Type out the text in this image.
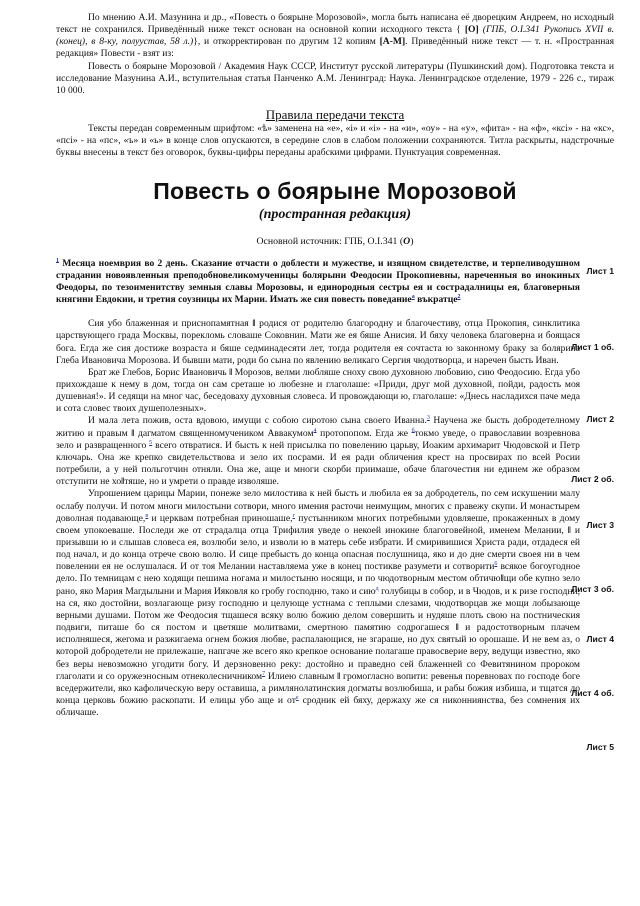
По мнению А.И. Мазунина и др., «Повесть о боярыне Морозовой», могла быть написана её дворецким Андреем, но исходный текст не сохранился. Приведённый ниже текст основан на основной копии исходного текста { [О] (ГПБ, О.I.341 Рукопись XVII в. (конец), в 8-ку, полуустав, 58 л.)}, и откорректирован по другим 12 копиям [А-М]. Приведённый ниже текст — т. н. «Пространная редакция» Повести - взят из:

Повесть о боярыне Морозовой / Академия Наук СССР, Институт русской литературы (Пушкинский дом). Подготовка текста и исследование Мазунина А.И., вступительная статья Панченко А.М. Ленинград: Наука. Ленинградское отделение, 1979 - 226 с., тираж 10 000.

Правила передачи текста

Тексты передан современным шрифтом: «ѣ» заменена на «е», «і» и «і» - на «и», «оу» - на «у», «фита» - на «ф», «ксі» - на «кс», «псі» - на «пс», «ъ» и «ь» в конце слов опускаются, в середине слов в слабом положении сохраняются. Титла раскрыты, надстрочные буквы внесены в текст без оговорок, буквы-цифры переданы арабскими цифрами. Пунктуация современная.

Повесть о боярыне Морозовой

(пространная редакция)

Основной источник: ГПБ, О.I.341 (О)

Лист 1
Лист 1 об.
Лист 2
Лист 2 об.
Лист 3
Лист 3 об.
Лист 4
Лист 4 об.
Лист 5

$^1$ Месяца ноемврия во 2 день. Сказание отчасти о доблести и мужестве, и изящном свидетелстве, и терпеливодушном страдании новоявленныя преподобновеликомученицы болярыни Феодосии Прокопиевны, нареченныя во инокиных Феодоры, по тезоименитству земныя славы Морозовы, и единородныя сестры ея и сострадалницы ея, благоверныя княгини Евдокии, и третия соузницы их Марии. Имать же сия повесть поведание$^а$ въкратце$^2$

Сия убо блаженная и приснопамятная ‖ родися от родителю благородну и благочестиву, отца Прокопия, синклитика царствующего града Москвы, порекломь словаше Соковнин. Мати же ея бяше Анисия. И бяху человека благоверна и боящася бога. Егда же сия достиже возраста и бяше седминадесяти лет, тогда родителя ея сочтаста ю законному браку за болярина Глеба Ивановича Морозова. И бывши мати, роди бо сына по явлению великаго Сергия чюдотворца, и наречен бысть Иван.

Брат же Глебов, Борис Ивановичь ‖ Морозов, велми любляше сноху свою духовною любовию, сию Феодосию. Егда убо прихождаше к нему в дом, тогда он сам среташе ю любезне и глаголаше: «Приди, друг мой духовной, пойди, радость моя душевная!». И седящи на мног час, беседоваху духовныя словеса. И провождающи ю, глаголаше: «Днесь насладихся паче меда и сота словес твоих душеполезных».

И мала лета пожив, оста вдовою, имущи с собою сиротою сына своего Иванна.$^3$ Научена же бысть добродетелному житию и правым ‖ дагматом священномучеником Аввакумом$^4$ протопопом. Егда же $^б$токмо уведе, о православии возревнова зело и развращенного $^5$ всего отвратися. И бысть к ней присылка по повелению царьву, Иоаким архимарит Чюдовской и Петр ключарь. Она же крепко свидетельствова и зело их посрами. И ея ради обличения крест на просвирах по всей Росии потребили, а у ней польготчин отняли. Она же, аще и многи скорби приимаше, обаче благочестия ни единем же образом отступити не хо‖тяше, но и умрети о правде изволяше.

Упрошением царицы Марии, понеже зело милостива к ней бысть и любила ея за добродетель, по сем искушении малу ослабу получи. И потом многи милостыни сотвори, много имения расточи неимущим, многих с правежу скупи. И монастырем доволная подавающе,$^в$ и церквам потребная приношаше,$^г$ пустынником многих потребными удовляеше, прокаженных в дому своем упокоеваше. Последи же от страдалца отца Трифилия уведе о некоей инокине благоговейной, именем Мелании, ‖ и призывши ю и слышав словеса ея, возлюби зело, и изволи ю в матерь себе избрати. И смиривишися Христа ради, отдадеся ей под начал, и до конца отрече свою волю. И сице пребысть до конца опасная послушница, яко и до дне смерти своея ни в чем повелении ея не ослушалася. И от тоя Мелании наставляема уже в конец постикве разумети и сотворити$^6$ всякое богоугодное дело. По темницам с нею ходящи пешима ногама и милостыню носящи, и по чюдотворным местом обтичю‖щи обе купно зело рано, яко Мария Магдылыни и Мария Ияковля ко гробу господню, тако и сию$^д$ голубицы в собор, и в Чюдов, и к ризе господни, на ся, яко достойни, возлагающе ризу господню и целующе устнама с теплыми слезами, чюдотворцав же мощи лобызающе верными душами. Потом же Феодосия тщашеся всяку волю божию делом совершить и нудяше плоть свою на постническия подвиги, питаше бо ся постом и цветяше молитвами, смертною памятию содрогашеся ‖ и радостотворным плачем исполняшеся, жегома и разжигаема огнем божия любве, распалающися, не згараше, но дух святый ю орошаше. И не вем аз, о которой добродетели не прилежаше, напгаче же всего яко крепкое основание полагаше правосверие веру, ведущи известно, яко без веры невозможно угодити богу. И дерзновенно реку: достойно и праведно сей блаженней со Февитянином пророком глаголати и со оружеэносным отнеколесничником$^7$ Илиею славным ‖ громогласно вопити: ревенья поревновах по господе боге вседержители, яко кафолическую веру оставиша, а римлянолатинския догматы возлюбиша, и рабы божия избиша, и тщатся до конца церковь божию раскопати. И елицы убо аще и от$^е$ сродник ей бяху, держаху же ся никонниянства, без сомнения их обличаше.
